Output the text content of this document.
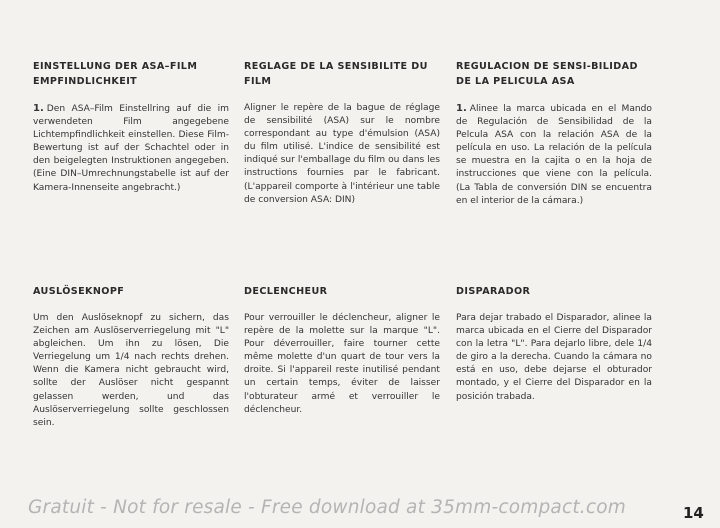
EINSTELLUNG DER ASA–FILM EMPFINDLICHKEIT

1. Den ASA–Film Einstellring auf die im verwendeten Film angegebene Lichtempfindlichkeit einstellen. Diese Film-Bewertung ist auf der Schachtel oder in den beigelegten Instruktionen angegeben. (Eine DIN–Umrechnungstabelle ist auf der Kamera-Innenseite angebracht.)

REGLAGE DE LA SENSIBILITE DU FILM

Aligner le repère de la bague de réglage de sensibilité (ASA) sur le nombre correspondant au type d'émulsion (ASA) du film utilisé. L'indice de sensibilité est indiqué sur l'emballage du film ou dans les instructions fournies par le fabricant. (L'appareil comporte à l'intérieur une table de conversion ASA: DIN)

REGULACION DE SENSI-BILIDAD DE LA PELICULA ASA

1. Alinee la marca ubicada en el Mando de Regulación de Sensibilidad de la Pelcula ASA con la relación ASA de la película en uso. La relación de la película se muestra en la cajita o en la hoja de instrucciones que viene con la película. (La Tabla de conversión DIN se encuentra en el interior de la cámara.)

AUSLÖSEKNOPF

Um den Auslöseknopf zu sichern, das Zeichen am Auslöserverriegelung mit "L" abgleichen. Um ihn zu lösen, Die Verriegelung um 1/4 nach rechts drehen. Wenn die Kamera nicht gebraucht wird, sollte der Auslöser nicht gespannt gelassen werden, und das Auslöserverriegelung sollte geschlossen sein.

DECLENCHEUR

Pour verrouiller le déclencheur, aligner le repère de la molette sur la marque "L". Pour déverrouiller, faire tourner cette même molette d'un quart de tour vers la droite. Si l'appareil reste inutilisé pendant un certain temps, éviter de laisser l'obturateur armé et verrouiller le déclencheur.

DISPARADOR

Para dejar trabado el Disparador, alinee la marca ubicada en el Cierre del Disparador con la letra "L". Para dejarlo libre, dele 1/4 de giro a la derecha. Cuando la cámara no está en uso, debe dejarse el obturador montado, y el Cierre del Disparador en la posición trabada.

Gratuit - Not for resale - Free download at 35mm-compact.com	14
